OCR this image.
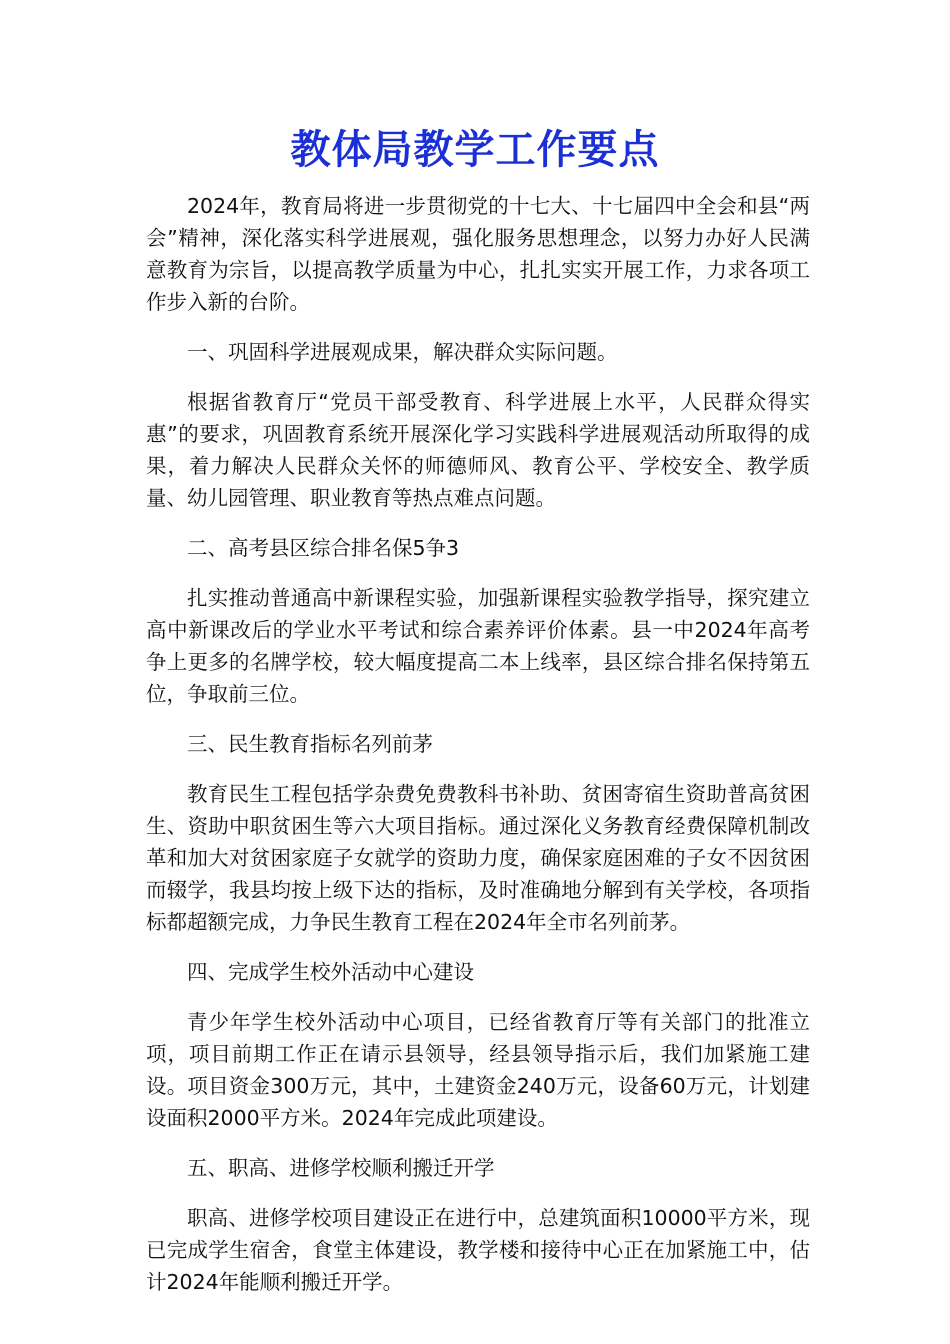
教体局教学工作要点

2024年，教育局将进一步贯彻党的十七大、十七届四中全会和县“两会”精神，深化落实科学进展观，强化服务思想理念，以努力办好人民满意教育为宗旨，以提高教学质量为中心，扎扎实实开展工作，力求各项工作步入新的台阶。

一、巩固科学进展观成果，解决群众实际问题。

根据省教育厅“党员干部受教育、科学进展上水平，人民群众得实惠”的要求，巩固教育系统开展深化学习实践科学进展观活动所取得的成果，着力解决人民群众关怀的师德师风、教育公平、学校安全、教学质量、幼儿园管理、职业教育等热点难点问题。

二、高考县区综合排名保5争3

扎实推动普通高中新课程实验，加强新课程实验教学指导，探究建立高中新课改后的学业水平考试和综合素养评价体素。县一中2024年高考争上更多的名牌学校，较大幅度提高二本上线率，县区综合排名保持第五位，争取前三位。

三、民生教育指标名列前茅

教育民生工程包括学杂费免费教科书补助、贫困寄宿生资助普高贫困生、资助中职贫困生等六大项目指标。通过深化义务教育经费保障机制改革和加大对贫困家庭子女就学的资助力度，确保家庭困难的子女不因贫困而辍学，我县均按上级下达的指标，及时准确地分解到有关学校，各项指标都超额完成，力争民生教育工程在2024年全市名列前茅。

四、完成学生校外活动中心建设

青少年学生校外活动中心项目，已经省教育厅等有关部门的批准立项，项目前期工作正在请示县领导，经县领导指示后，我们加紧施工建设。项目资金300万元，其中，土建资金240万元，设备60万元，计划建设面积2000平方米。2024年完成此项建设。

五、职高、进修学校顺利搬迁开学

职高、进修学校项目建设正在进行中，总建筑面积10000平方米，现已完成学生宿舍，食堂主体建设，教学楼和接待中心正在加紧施工中，估计2024年能顺利搬迁开学。
